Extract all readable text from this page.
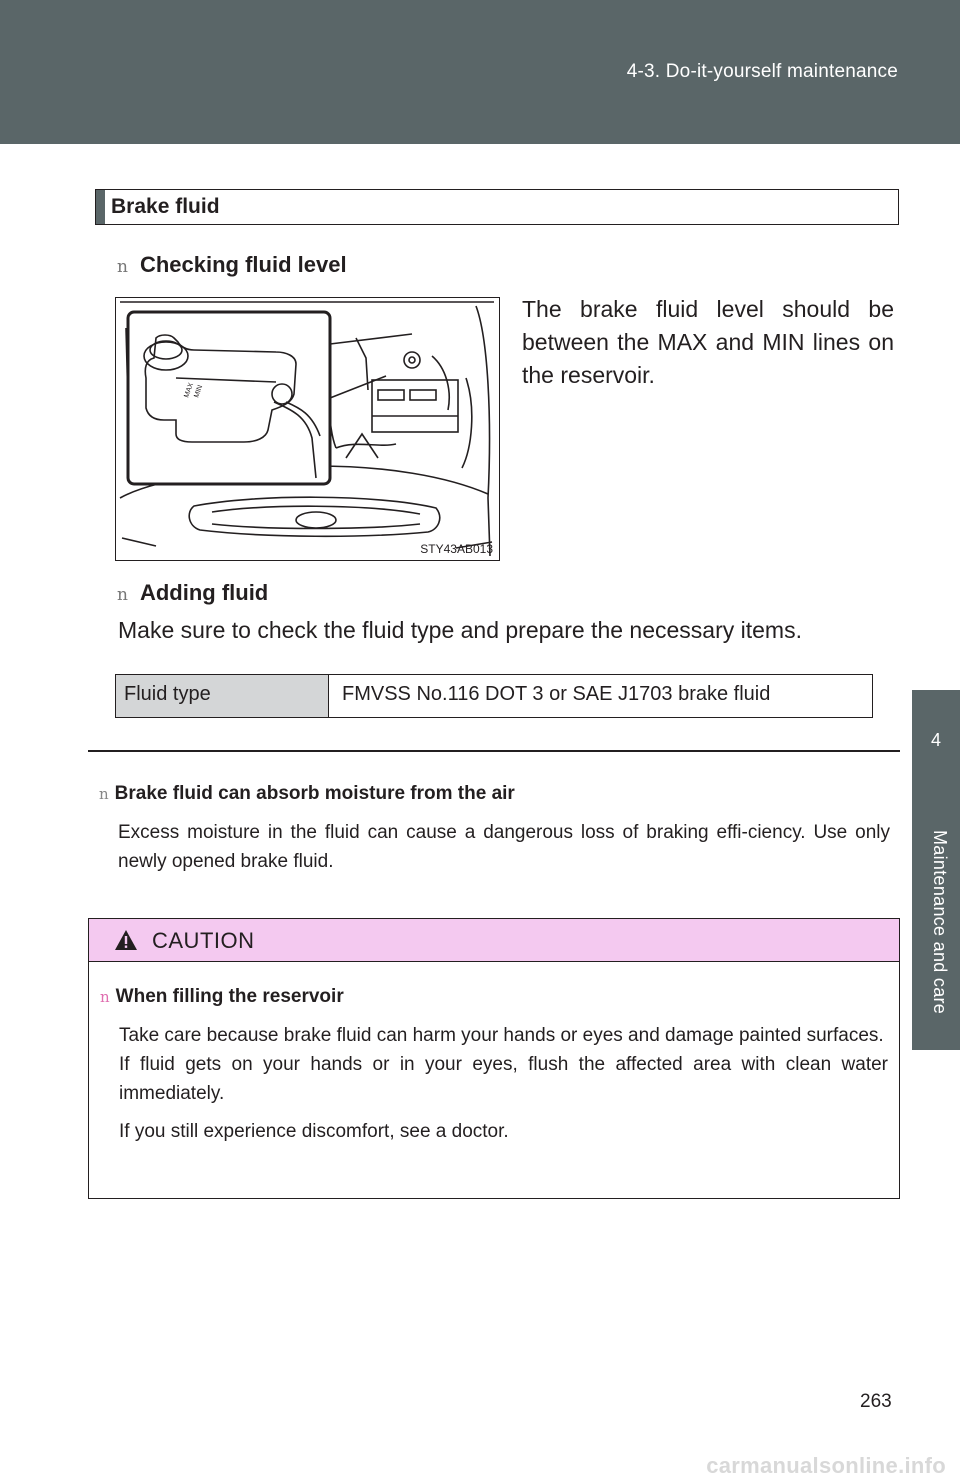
4-3. Do-it-yourself maintenance
4
Maintenance and care
Brake fluid
n Checking fluid level
MAX
MIN
STY43AB013
The brake fluid level should be between the MAX and MIN lines on the reservoir.
n Adding fluid
Make sure to check the fluid type and prepare the necessary items.
Fluid type	FMVSS No.116 DOT 3 or SAE J1703 brake fluid
n Brake fluid can absorb moisture from the air
Excess moisture in the fluid can cause a dangerous loss of braking effi-ciency. Use only newly opened brake fluid.
CAUTION
n When filling the reservoir

Take care because brake fluid can harm your hands or eyes and damage painted surfaces.
If fluid gets on your hands or in your eyes, flush the affected area with clean water immediately.

If you still experience discomfort, see a doctor.

263
carmanualsonline.info
